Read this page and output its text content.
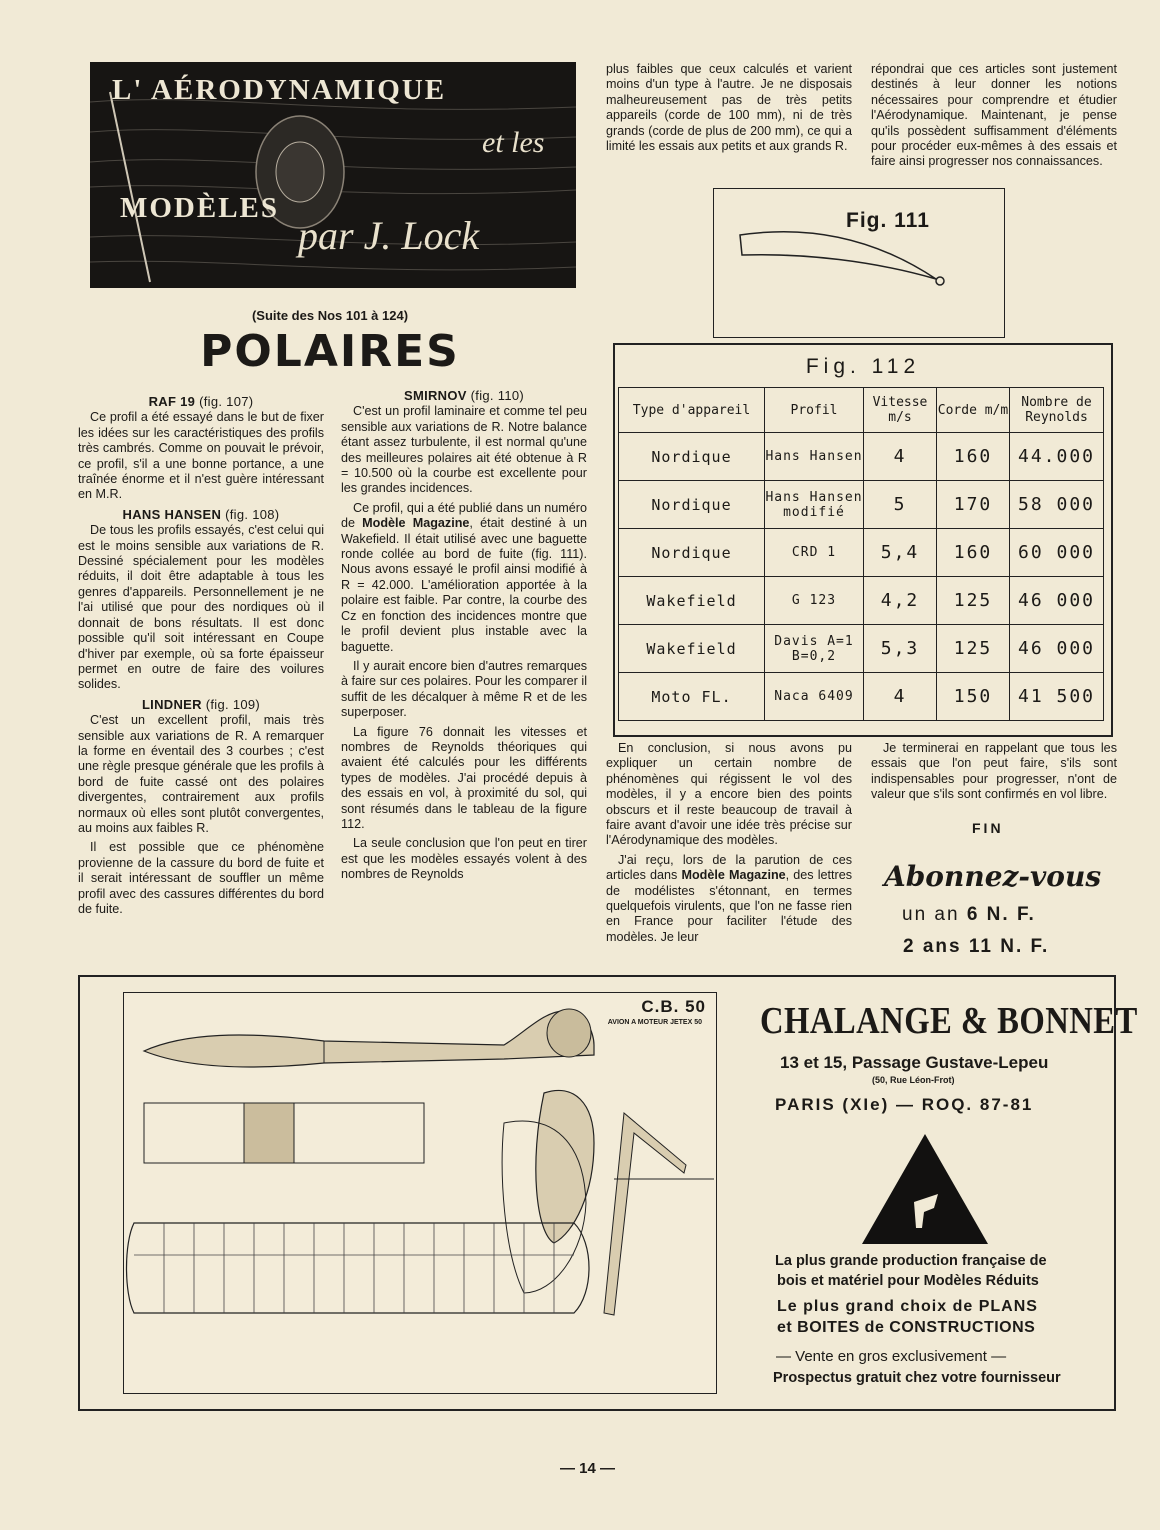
L' AÉRODYNAMIQUE
et les
MODÈLES
par J. Lock
(Suite des Nos 101 à 124)
POLAIRES
RAF 19 (fig. 107)

Ce profil a été essayé dans le but de fixer les idées sur les caractéristiques des profils très cambrés. Comme on pouvait le prévoir, ce profil, s'il a une bonne portance, a une traînée énorme et il n'est guère intéressant en M.R.

HANS HANSEN (fig. 108)

De tous les profils essayés, c'est celui qui est le moins sensible aux variations de R. Dessiné spécialement pour les modèles réduits, il doit être adaptable à tous les genres d'appareils. Personnellement je ne l'ai utilisé que pour des nordiques où il donnait de bons résultats. Il est donc possible qu'il soit intéressant en Coupe d'hiver par exemple, où sa forte épaisseur permet en outre de faire des voilures solides.

LINDNER (fig. 109)

C'est un excellent profil, mais très sensible aux variations de R. A remarquer la forme en éventail des 3 courbes ; c'est une règle presque générale que les profils à bord de fuite cassé ont des polaires divergentes, contrairement aux profils normaux où elles sont plutôt convergentes, au moins aux faibles R.

Il est possible que ce phénomène provienne de la cassure du bord de fuite et il serait intéressant de souffler un même profil avec des cassures différentes du bord de fuite.

SMIRNOV (fig. 110)

C'est un profil laminaire et comme tel peu sensible aux variations de R. Notre balance étant assez turbulente, il est normal qu'une des meilleures polaires ait été obtenue à R = 10.500 où la courbe est excellente pour les grandes incidences.

Ce profil, qui a été publié dans un numéro de Modèle Magazine, était destiné à un Wakefield. Il était utilisé avec une baguette ronde collée au bord de fuite (fig. 111). Nous avons essayé le profil ainsi modifié à R = 42.000. L'amélioration apportée à la polaire est faible. Par contre, la courbe des Cz en fonction des incidences montre que le profil devient plus instable avec la baguette.

Il y aurait encore bien d'autres remarques à faire sur ces polaires. Pour les comparer il suffit de les décalquer à même R et de les superposer.

La figure 76 donnait les vitesses et nombres de Reynolds théoriques qui avaient été calculés pour les différents types de modèles. J'ai procédé depuis à des essais en vol, à proximité du sol, qui sont résumés dans le tableau de la figure 112.

La seule conclusion que l'on peut en tirer est que les modèles essayés volent à des nombres de Reynolds

plus faibles que ceux calculés et varient moins d'un type à l'autre. Je ne disposais malheureusement pas de très petits appareils (corde de 100 mm), ni de très grands (corde de plus de 200 mm), ce qui a limité les essais aux petits et aux grands R.

répondrai que ces articles sont justement destinés à leur donner les notions nécessaires pour comprendre et étudier l'Aérodynamique. Maintenant, je pense qu'ils possèdent suffisamment d'éléments pour procéder eux-mêmes à des essais et faire ainsi progresser nos connaissances.

Fig. 111
Fig. 112
Type d'appareil	Profil	Vitesse m/s	Corde m/m	Nombre de Reynolds
Nordique	Hans Hansen	4	160	44.000
Nordique	Hans Hansen modifié	5	170	58 000
Nordique	CRD 1	5,4	160	60 000
Wakefield	G 123	4,2	125	46 000
Wakefield	Davis A=1 B=0,2	5,3	125	46 000
Moto FL.	Naca 6409	4	150	41 500

En conclusion, si nous avons pu expliquer un certain nombre de phénomènes qui régissent le vol des modèles, il y a encore bien des points obscurs et il reste beaucoup de travail à faire avant d'avoir une idée très précise sur l'Aérodynamique des modèles.

J'ai reçu, lors de la parution de ces articles dans Modèle Magazine, des lettres de modélistes s'étonnant, en termes quelquefois virulents, que l'on ne fasse rien en France pour faciliter l'étude des modèles. Je leur

Je terminerai en rappelant que tous les essais que l'on peut faire, s'ils sont indispensables pour progresser, n'ont de valeur que s'ils sont confirmés en vol libre.

FIN
Abonnez-vous
un an 6 N. F.
2 ans 11 N. F.
C.B. 50
AVION A MOTEUR JETEX 50 CHALANGE & BONNET
13 et 15, Passage Gustave-Lepeu
(50, Rue Léon-Frot)
PARIS (XIe) — ROQ. 87-81
La plus grande production française de
bois et matériel pour Modèles Réduits
Le plus grand choix de PLANS
et BOITES de CONSTRUCTIONS
— Vente en gros exclusivement —
Prospectus gratuit chez votre fournisseur
— 14 —
